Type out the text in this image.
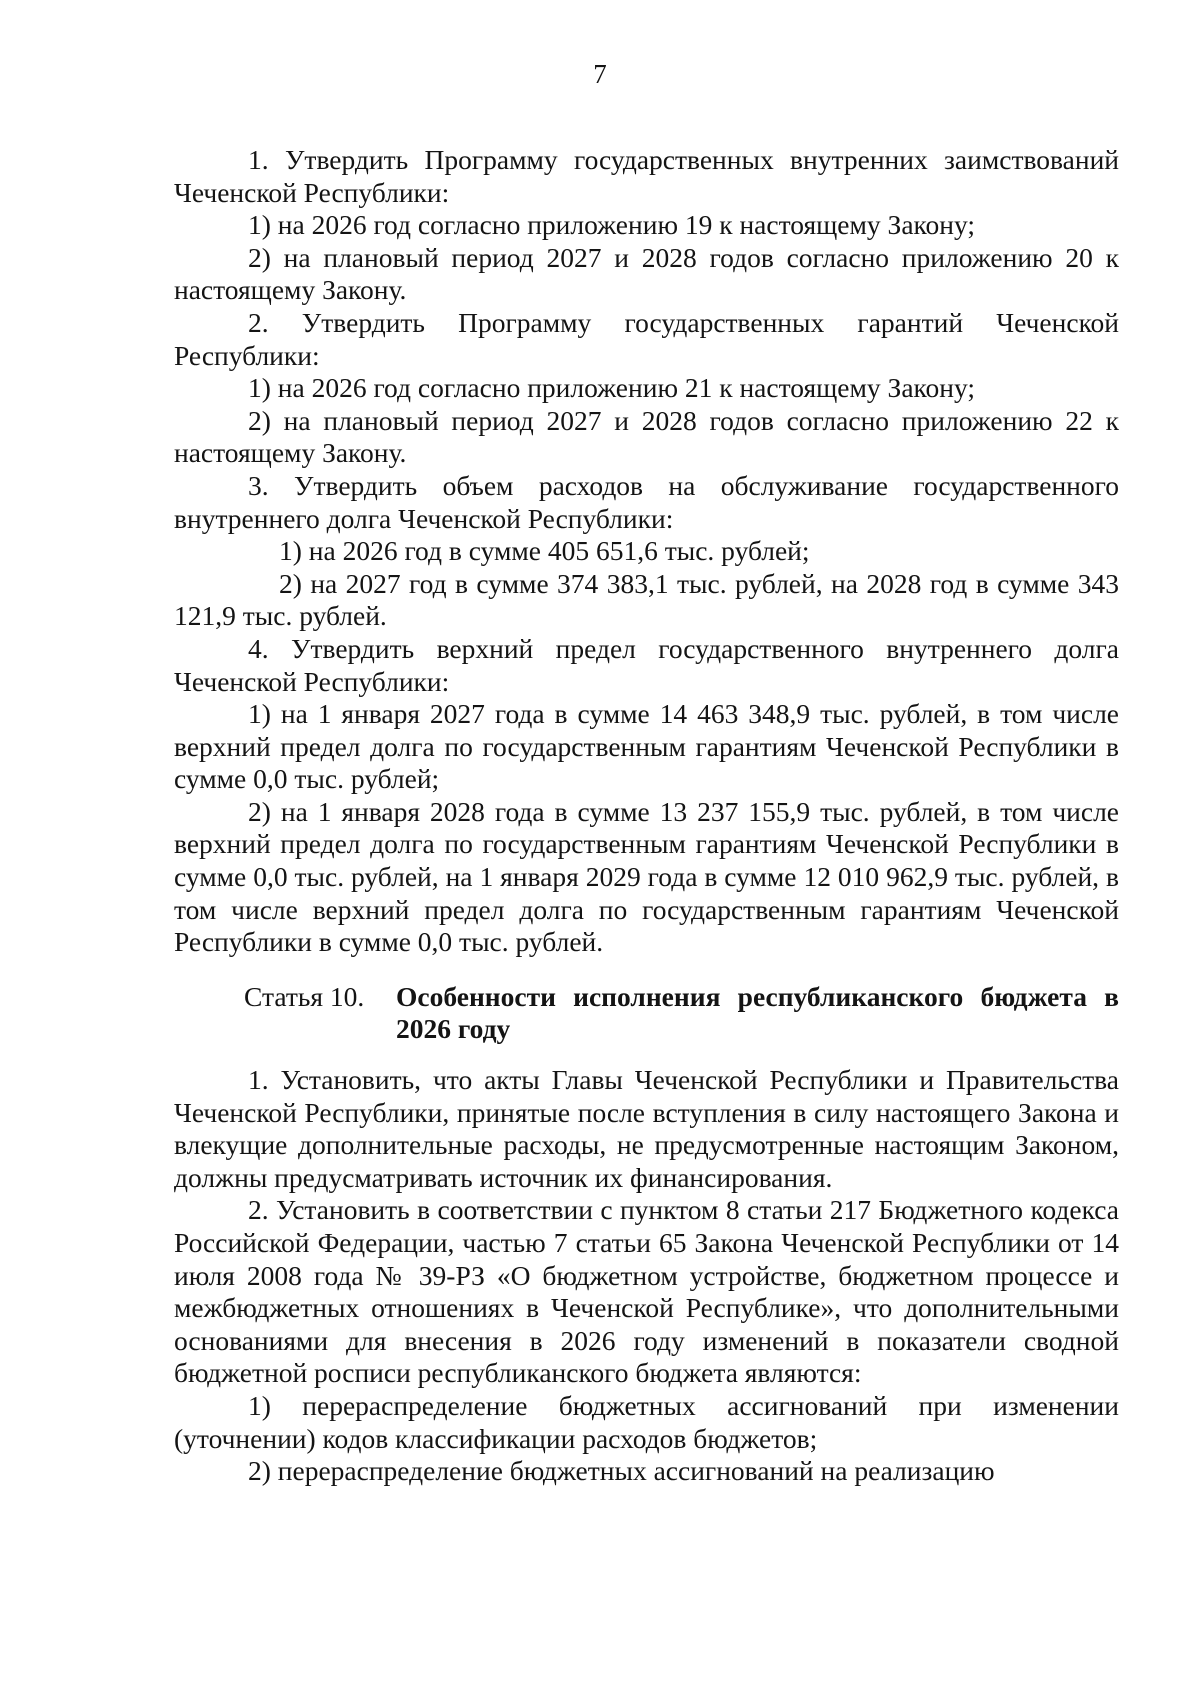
7

1. Утвердить Программу государственных внутренних заимствований Чеченской Республики:

1) на 2026 год согласно приложению 19 к настоящему Закону;

2) на плановый период 2027 и 2028 годов согласно приложению 20 к настоящему Закону.

2. Утвердить Программу государственных гарантий Чеченской Республики:

1) на 2026 год согласно приложению 21 к настоящему Закону;

2) на плановый период 2027 и 2028 годов согласно приложению 22 к настоящему Закону.

3. Утвердить объем расходов на обслуживание государственного внутреннего долга Чеченской Республики:

1) на 2026 год в сумме 405 651,6 тыс. рублей;

2) на 2027 год в сумме 374 383,1 тыс. рублей, на 2028 год в сумме 343 121,9 тыс. рублей.

4. Утвердить верхний предел государственного внутреннего долга Чеченской Республики:

1) на 1 января 2027 года в сумме 14 463 348,9 тыс. рублей, в том числе верхний предел долга по государственным гарантиям Чеченской Республики в сумме 0,0 тыс. рублей;

2) на 1 января 2028 года в сумме 13 237 155,9 тыс. рублей, в том числе верхний предел долга по государственным гарантиям Чеченской Республики в сумме 0,0 тыс. рублей, на 1 января 2029 года в сумме 12 010 962,9 тыс. рублей, в том числе верхний предел долга по государственным гарантиям Чеченской Республики в сумме 0,0 тыс. рублей.

Статья 10.	Особенности исполнения республиканского бюджета в 2026 году

1. Установить, что акты Главы Чеченской Республики и Правительства Чеченской Республики, принятые после вступления в силу настоящего Закона и влекущие дополнительные расходы, не предусмотренные настоящим Законом, должны предусматривать источник их финансирования.

2. Установить в соответствии с пунктом 8 статьи 217 Бюджетного кодекса Российской Федерации, частью 7 статьи 65 Закона Чеченской Республики от 14 июля 2008 года № 39-РЗ «О бюджетном устройстве, бюджетном процессе и межбюджетных отношениях в Чеченской Республике», что дополнительными основаниями для внесения в 2026 году изменений в показатели сводной бюджетной росписи республиканского бюджета являются:

1) перераспределение бюджетных ассигнований при изменении (уточнении) кодов классификации расходов бюджетов;

2) перераспределение бюджетных ассигнований на реализацию
